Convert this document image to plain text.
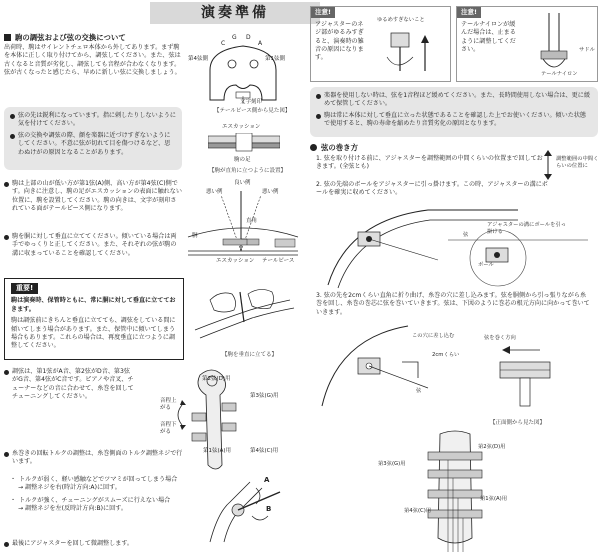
演奏準備
駒の調弦および弦の交換について
出荷時、駒はサイレントチェロ本体から外してあります。まず駒を本体に正しく取り付けてから、調弦してください。また、弦は古くなると音質が劣化し、調弦しても音程が合わなくなります。弦が古くなったと感じたら、早めに新しい弦に交換しましょう。
弦の先は鋭利になっています。指に刺したりしないように気を付けてください。
弦の交換や調弦の際、顔を楽器に近づけすぎないようにしてください。不意に弦が切れて目を傷つけるなど、思わぬけがの原因となることがあります。
C
G D
A
第4弦側	第1弦側
文字刻印
【テールピース側から見た図】
エスカッション
駒の足
【駒が直角に立つように設置】
駒は上部の山が低い方が第1弦(A)側、高い方が第4弦(C)側です。向きに注意し、駒の足がエスカッションの表面に触れない位置に、駒を設置してください。駒の向きは、文字が刻印されている面がテールピース側になります。
良い例
悪い例	悪い例
直角
胴
エスカッション テールピース
駒を胴に対して垂直に立ててください。傾いている場合は両手でゆっくりと正してください。また、それぞれの弦が駒の溝に収まっていることを確認してください。
重要!
駒は演奏時、保管時ともに、常に胴に対して垂直に立てておきます。
駒は調弦前にきちんと垂直に立てても、調弦をしている間に傾いてしまう場合があります。また、保管中に傾いてしまう場合もあります。これらの場合は、再度垂直に立つように調整してください。
【駒を垂直に立てる】
調弦は、第1弦がA音、第2弦がD音、第3弦がG音、第4弦がC音です。ピアノや音叉、チューナーなどの音に合わせて、糸巻を回してチューニングしてください。
第2弦(D)用
第3弦(G)用
音程上がる
音程下がる
第1弦(A)用	第4弦(C)用
糸巻きの回転トルクの調整は、糸巻側面のトルク調整ネジで行います。
・ トルクが弱く、軽い感触などでツマミが回ってしまう場合
→ 調整ネジを右(時計方向:A)に回す。
・ トルクが強く、チューニングがスムーズに行えない場合
→ 調整ネジを左(反時計方向:B)に回す。
A
B
最後にアジャスターを回して微調整します。
注意!
アジャスターのネジ部がゆるみすぎると、演奏時の雑音の原因になります。
ゆるめすぎないこと
注意!
テールナイロンが緩んだ場合は、止まるように調整してください。	サドル
テールナイロン
楽器を使用しない時は、弦を1音程ほど緩めてください。また、長時間使用しない場合は、更に緩めて保管してください。
駒は常に本体に対して垂直に立った状態であることを確認した上でお使いください。傾いた状態で使用すると、駒の寿命を縮めたり音質劣化の原因となります。
弦の巻き方
1. 弦を取り付ける前に、アジャスターを調整範囲の中間くらいの位置まで回しておきます。(全弦とも)
調整範囲の中間くらいの位置に
2. 弦の先端のボールをアジャスターに引っ掛けます。この時、アジャスターの溝にボールを確実に収めてください。
弦
アジャスターの溝にボールを引っ掛ける
ボール
3. 弦の先を2cmくらい直角に折り曲げ、糸巻の穴に差し込みます。弦を胴側から引っ張りながら糸巻を回し、糸巻の巻芯に弦を巻いていきます。弦は、下図のように巻芯の根元方向に向かって巻いていきます。
この穴に差し込む
2cmくらい
弦
弦を巻く方向
【正面側から見た図】
第2弦(D)用
第3弦(G)用
第1弦(A)用
第4弦(C)用
